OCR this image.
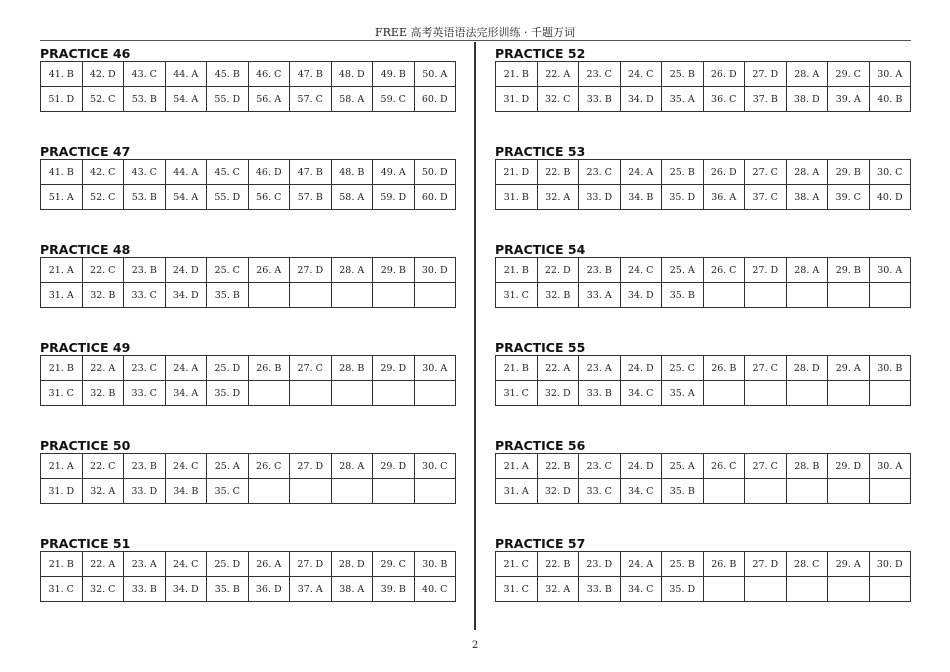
FREE 高考英语语法完形训练 · 千题万词
PRACTICE 46
41. B	42. D	43. C	44. A	45. B	46. C	47. B	48. D	49. B	50. A
51. D	52. C	53. B	54. A	55. D	56. A	57. C	58. A	59. C	60. D
PRACTICE 47
41. B	42. C	43. C	44. A	45. C	46. D	47. B	48. B	49. A	50. D
51. A	52. C	53. B	54. A	55. D	56. C	57. B	58. A	59. D	60. D
PRACTICE 48
21. A	22. C	23. B	24. D	25. C	26. A	27. D	28. A	29. B	30. D
31. A	32. B	33. C	34. D	35. B					
PRACTICE 49
21. B	22. A	23. C	24. A	25. D	26. B	27. C	28. B	29. D	30. A
31. C	32. B	33. C	34. A	35. D					
PRACTICE 50
21. A	22. C	23. B	24. C	25. A	26. C	27. D	28. A	29. D	30. C
31. D	32. A	33. D	34. B	35. C					
PRACTICE 51
21. B	22. A	23. A	24. C	25. D	26. A	27. D	28. D	29. C	30. B
31. C	32. C	33. B	34. D	35. B	36. D	37. A	38. A	39. B	40. C
PRACTICE 52
21. B	22. A	23. C	24. C	25. B	26. D	27. D	28. A	29. C	30. A
31. D	32. C	33. B	34. D	35. A	36. C	37. B	38. D	39. A	40. B
PRACTICE 53
21. D	22. B	23. C	24. A	25. B	26. D	27. C	28. A	29. B	30. C
31. B	32. A	33. D	34. B	35. D	36. A	37. C	38. A	39. C	40. D
PRACTICE 54
21. B	22. D	23. B	24. C	25. A	26. C	27. D	28. A	29. B	30. A
31. C	32. B	33. A	34. D	35. B					
PRACTICE 55
21. B	22. A	23. A	24. D	25. C	26. B	27. C	28. D	29. A	30. B
31. C	32. D	33. B	34. C	35. A					
PRACTICE 56
21. A	22. B	23. C	24. D	25. A	26. C	27. C	28. B	29. D	30. A
31. A	32. D	33. C	34. C	35. B					
PRACTICE 57
21. C	22. B	23. D	24. A	25. B	26. B	27. D	28. C	29. A	30. D
31. C	32. A	33. B	34. C	35. D					
2
